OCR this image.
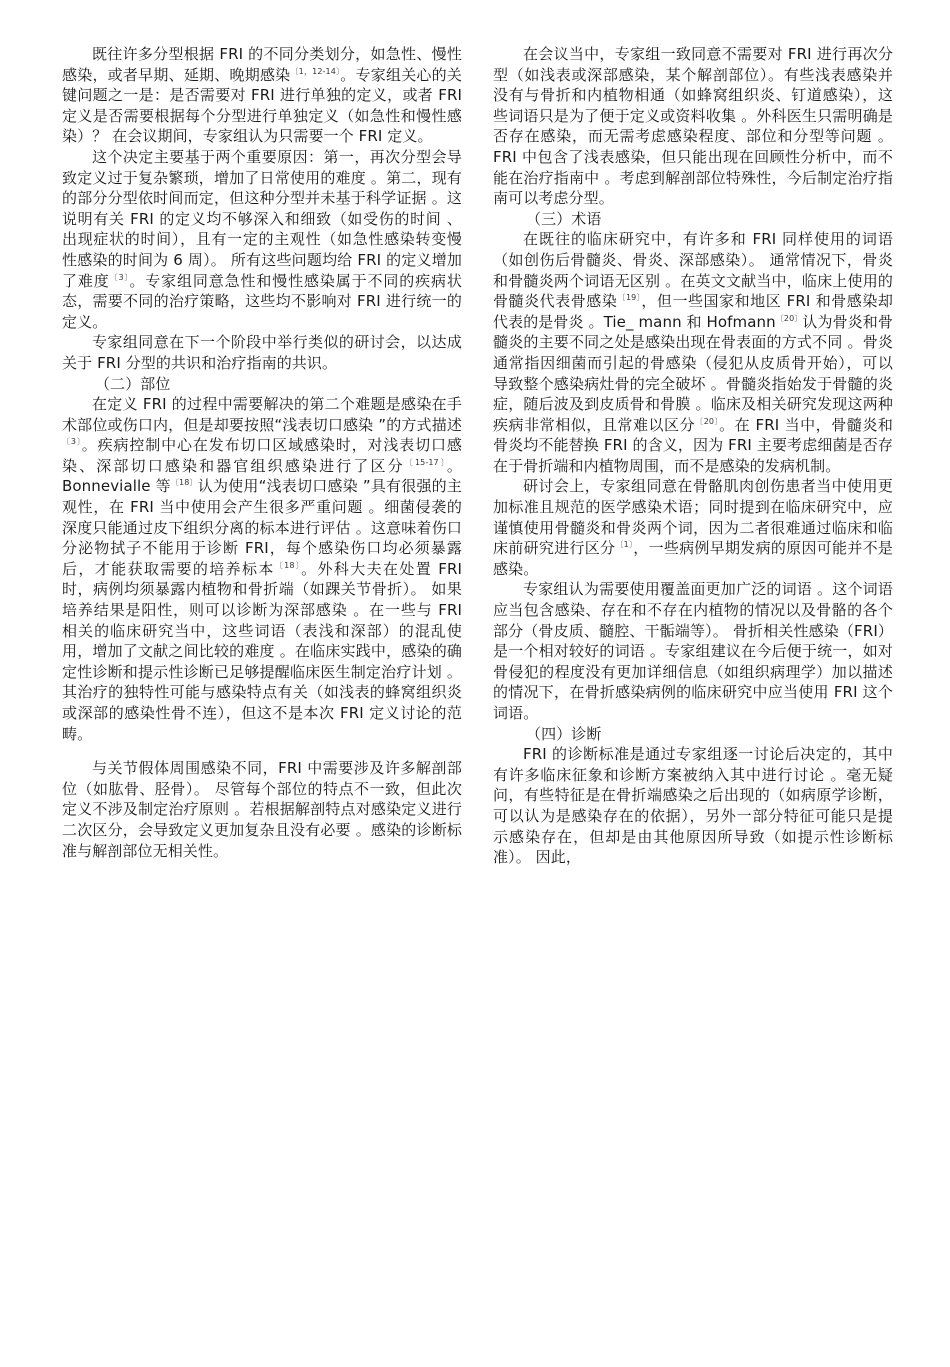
既往许多分型根据 FRI 的不同分类划分，如急性、慢性感染，或者早期、延期、晚期感染$^{〔1,12-14〕}$。专家组关心的关键问题之一是：是否需要对 FRI 进行单独的定义，或者 FRI 定义是否需要根据每个分型进行单独定义（如急性和慢性感染）？ 在会议期间，专家组认为只需要一个 FRI 定义。

这个决定主要基于两个重要原因：第一，再次分型会导致定义过于复杂繁琐，增加了日常使用的难度 。第二，现有的部分分型依时间而定，但这种分型并未基于科学证据 。这说明有关 FRI 的定义均不够深入和细致（如受伤的时间 、出现症状的时间），且有一定的主观性（如急性感染转变慢性感染的时间为 6 周）。 所有这些问题均给 FRI 的定义增加了难度$^{〔3〕}$。专家组同意急性和慢性感染属于不同的疾病状态，需要不同的治疗策略，这些均不影响对 FRI 进行统一的定义。

专家组同意在下一个阶段中举行类似的研讨会，以达成关于 FRI 分型的共识和治疗指南的共识。

（二）部位

在定义 FRI 的过程中需要解决的第二个难题是感染在手术部位或伤口内，但是却要按照“浅表切口感染 ”的方式描述$^{〔3〕}$。疾病控制中心在发布切口区域感染时，对浅表切口感染、深部切口感染和器官组织感染进行了区分$^{〔15-17〕}$。Bonnevialle 等$^{〔18〕}$认为使用“浅表切口感染 ”具有很强的主观性，在 FRI 当中使用会产生很多严重问题 。细菌侵袭的深度只能通过皮下组织分离的标本进行评估 。这意味着伤口分泌物拭子不能用于诊断 FRI，每个感染伤口均必须暴露后，才能获取需要的培养标本$^{〔18〕}$。外科大夫在处置 FRI 时，病例均须暴露内植物和骨折端（如踝关节骨折）。 如果培养结果是阳性，则可以诊断为深部感染 。在一些与 FRI 相关的临床研究当中，这些词语（表浅和深部）的混乱使用，增加了文献之间比较的难度 。在临床实践中，感染的确定性诊断和提示性诊断已足够提醒临床医生制定治疗计划 。其治疗的独特性可能与感染特点有关（如浅表的蜂窝组织炎或深部的感染性骨不连），但这不是本次 FRI 定义讨论的范畴。

与关节假体周围感染不同，FRI 中需要涉及许多解剖部位（如肱骨、胫骨）。 尽管每个部位的特点不一致，但此次定义不涉及制定治疗原则 。若根据解剖特点对感染定义进行二次区分，会导致定义更加复杂且没有必要 。感染的诊断标准与解剖部位无相关性。

在会议当中，专家组一致同意不需要对 FRI 进行再次分型（如浅表或深部感染，某个解剖部位）。有些浅表感染并没有与骨折和内植物相通（如蜂窝组织炎、钉道感染），这些词语只是为了便于定义或资料收集 。外科医生只需明确是否存在感染，而无需考虑感染程度、部位和分型等问题 。FRI 中包含了浅表感染，但只能出现在回顾性分析中，而不能在治疗指南中 。考虑到解剖部位特殊性，今后制定治疗指南可以考虑分型。

（三）术语

在既往的临床研究中，有许多和 FRI 同样使用的词语（如创伤后骨髓炎、骨炎、深部感染）。 通常情况下，骨炎和骨髓炎两个词语无区别 。在英文文献当中，临床上使用的骨髓炎代表骨感染$^{〔19〕}$，但一些国家和地区 FRI 和骨感染却代表的是骨炎 。Tie_ mann 和 Hofmann$^{〔20〕}$认为骨炎和骨髓炎的主要不同之处是感染出现在骨表面的方式不同 。骨炎通常指因细菌而引起的骨感染（侵犯从皮质骨开始），可以导致整个感染病灶骨的完全破坏 。骨髓炎指始发于骨髓的炎症，随后波及到皮质骨和骨膜 。临床及相关研究发现这两种疾病非常相似，且常难以区分$^{〔20〕}$。在 FRI 当中，骨髓炎和骨炎均不能替换 FRI 的含义，因为 FRI 主要考虑细菌是否存在于骨折端和内植物周围，而不是感染的发病机制。

研讨会上，专家组同意在骨骼肌肉创伤患者当中使用更加标准且规范的医学感染术语；同时提到在临床研究中，应谨慎使用骨髓炎和骨炎两个词，因为二者很难通过临床和临床前研究进行区分$^{〔1〕}$，一些病例早期发病的原因可能并不是感染。

专家组认为需要使用覆盖面更加广泛的词语 。这个词语应当包含感染、存在和不存在内植物的情况以及骨骼的各个部分（骨皮质、髓腔、干骺端等）。 骨折相关性感染（FRI）是一个相对较好的词语 。专家组建议在今后便于统一，如对骨侵犯的程度没有更加详细信息（如组织病理学）加以描述的情况下，在骨折感染病例的临床研究中应当使用 FRI 这个词语。

（四）诊断

FRI 的诊断标准是通过专家组逐一讨论后决定的，其中有许多临床征象和诊断方案被纳入其中进行讨论 。毫无疑问，有些特征是在骨折端感染之后出现的（如病原学诊断，可以认为是感染存在的依据），另外一部分特征可能只是提示感染存在，但却是由其他原因所导致（如提示性诊断标准）。 因此，
